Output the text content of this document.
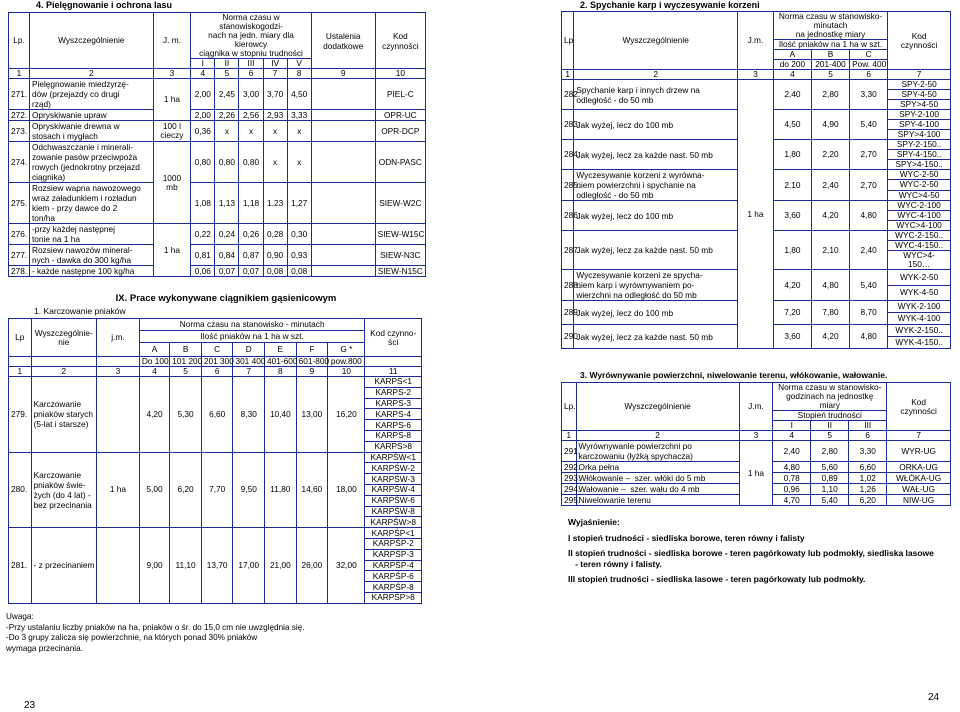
4. Pielęgnowanie i ochrona lasu
Lp.	Wyszczególnienie	J. m.	Norma czasu w stanowiskogodzi-
nach na jedn. miary dla kierowcy
ciągnika w stopniu trudności					Ustalenia
dodatkowe	Kod
czynności
			I	II	III	IV	V		
1	2	3	4	5	6	7	8	9	10
271.	Pielęgnowanie miedzyrzę-
dów (przejazdy co drugi
rząd)	1 ha	2,00	2,45	3,00	3,70	4,50		PIEL-C
272.	Opryskiwanie upraw		2,00	2,26	2,56	2,93	3,33		OPR-UC
273.	Opryskiwanie drewna w
stosach i mygłach	100 l
cieczy	0,36	x	x	x	x		OPR-DCP
274.	Odchwaszczanie i minerali-
zowanie pasów przeciwpoża
rowych (jednokrotny przejazd
ciągnika)	1000
mb	0,80	0,80	0,80	x	x		ODN-PASC
275.	Rozsiew wapna nawozowego
wraz załadunkiem i rozładun
kiem - przy dawce do 2
ton/ha		1,08	1,13	1,18	1.23	1,27		SIEW-W2C
276.	-przy każdej następnej
tonie na 1 ha	1 ha	0,22	0,24	0,26	0,28	0,30		SIEW-W15C
277.	Rozsiew nawozów mineral-
nych - dawka do 300 kg/ha		0,81	0,84	0,87	0,90	0,93		SIEW-N3C
278.	- każde następne 100 kg/ha		0,06	0,07	0,07	0,08	0,08		SIEW-N15C
IX. Prace wykonywane ciągnikiem gąsienicowym
1. Karczowanie pniaków
Lp	Wyszczególnie-
nie	j.m.	Norma czasu na stanowisko - minutach							Kod czynno-
ści
			Ilość pniaków na 1 ha w szt.							
			A	B	C	D	E	F	G *	
			Do 100	101 200	201 300	301 400	401-600	601-800	pow.800	
1	2	3	4	5	6	7	8	9	10	11
279.	Karczowanie
pniaków starych
(5-lat i starsze)		4,20	5,30	6,60	8,30	10,40	13,00	16,20	KARPS<1
										KARPS-2
										KARPS-3
										KARPS-4
										KARPS-6
										KARPS-8
										KARPS>8
280.	Karczowanie
pniaków świe-
żych (do 4 lat) -
bez przecinania	1 ha	5,00	6,20	7,70	9,50	11,80	14,60	18,00	KARPŚW<1
										KARPŚW-2
										KARPŚW-3
										KARPŚW-4
										KARPŚW-6
										KARPŚW-8
										KARPŚW>8
281.	- z przecinaniem		9,00	11,10	13,70	17,00	21,00	26,00	32,00	KARPŚP<1
										KARPŚP-2
										KARPŚP-3
										KARPŚP-4
										KARPŚP-6
										KARPŚP-8
										KARPŚP>8
Uwaga:
-Przy ustalaniu liczby pniaków na ha, pniaków o śr. do 15,0 cm nie uwzględnia się.
-Do 3 grupy zalicza się powierzchnie, na których ponad 30% pniaków
wymaga przecinania.
23
2. Spychanie karp i wyczesywanie korzeni
Lp	Wyszczególnienie	J.m.	Norma czasu w stanowisko-minutach
na jednostkę miary			Kod
czynności
			Ilość pniaków na 1 ha w szt.			
			A	B	C	
			do 200	201-400	Pow. 400	
1	2	3	4	5	6	7
282.	Spychanie karp i innych drzew na
odległość - do 50 mb	1 ha	2,40	2,80	3,30	SPY-2-50
						SPY-4-50
						SPY>4-50
283.	Jak wyżej, lecz do 100 mb		4,50	4,90	5,40	SPY-2-100
						SPY-4-100
						SPY>4-100
284.	Jak wyżej, lecz za każde nast. 50 mb		1,80	2,20	2,70	SPY-2-150..
						SPY-4-150..
						SPY>4-150..
285.	Wyczesywanie korzeni z wyrówna-
niem powierzchni i spychanie na
odległość - do 50 mb		2,10	2,40	2,70	WYC-2-50
						WYC-2-50
						WYC>4-50
286.	Jak wyżej, lecz do 100 mb		3,60	4,20	4,80	WYC-2-100
						WYC-4-100
						WYC>4-100
287.	Jak wyżej, lecz za każde nast. 50 mb		1,80	2,10	2,40	WYC-2-150..
						WYC-4-150..
						WYC>4-
150…
288.	Wyczesywanie korzeni ze spycha-
niem karp i wyrównywaniem po-
wierzchni na odległość do 50 mb		4,20	4,80	5,40	WYK-2-50
						WYK-4-50
289.	Jak wyżej, lecz do 100 mb		7,20	7,80	8,70	WYK-2-100
						WYK-4-100
290.	Jak wyżej, lecz za każde nast. 50 mb		3,60	4,20	4,80	WYK-2-150..
						WYK-4-150..
3. Wyrównywanie powierzchni, niwelowanie terenu, włókowanie, wałowanie.
Lp.	Wyszczególnienie	J.m.	Norma czasu w stanowisko-
godzinach na jednostkę miary			Kod
czynności
			Stopień trudności			
			I	II	III	
1	2	3	4	5	6	7
291.	Wyrównywanie powierzchni po
karczowaniu (łyżką spychacza)	1 ha	2,40	2,80	3,30	WYR-UG
292.	Orka pełna		4,80	5,60	6,60	ORKA-UG
293.	Włókowanie –  szer. włóki do 5 mb		0,78	0,89	1,02	WŁÓKA-UG
294.	Wałowanie –  szer. wału do 4 mb		0,96	1,10	1,26	WAŁ-UG
295.	Niwelowanie terenu		4,70	5,40	6,20	NIW-UG
Wyjaśnienie:
I stopień trudności - siedliska borowe, teren równy i falisty
II stopień trudności - siedliska borowe - teren pagórkowaty lub podmokły, siedliska lasowe
- teren równy i falisty.
III stopień trudności - siedliska lasowe - teren pagórkowaty lub podmokły.
24
